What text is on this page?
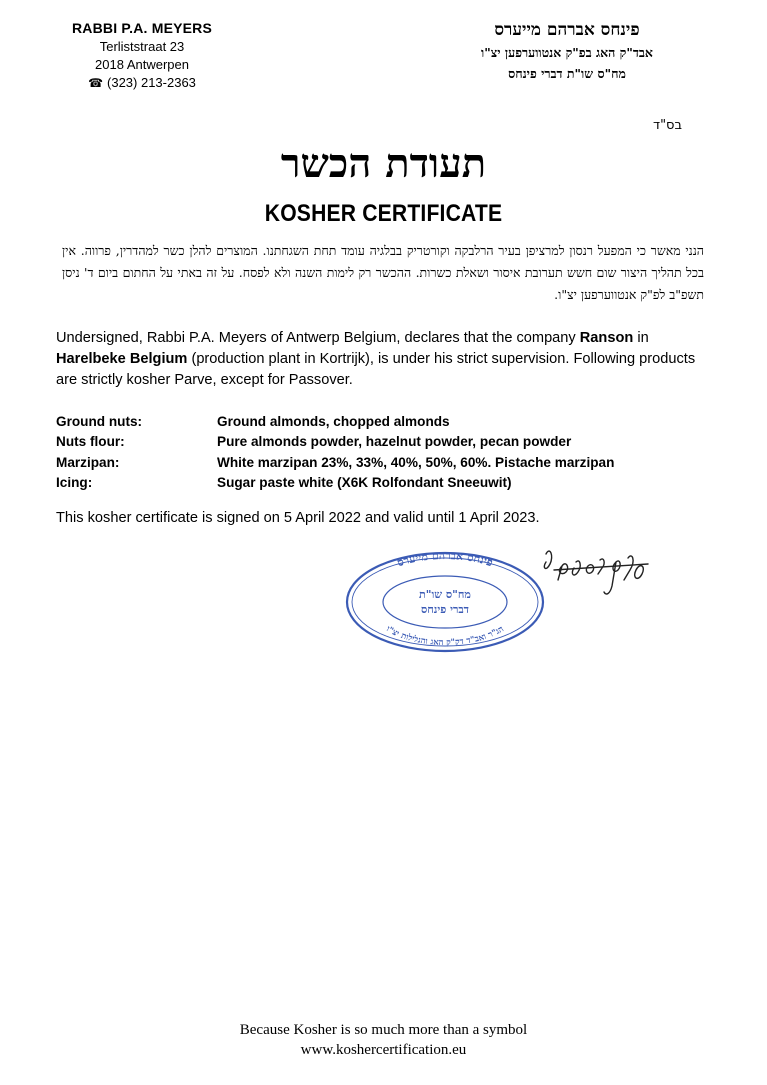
RABBI P.A. MEYERS
Terliststraat 23
2018 Antwerpen
☎ (323) 213-2363
פינחס אברהם מייערס
אבד"ק האג בפ"ק אנטווערפען יצ"ו
מח"ס שו"ת דברי פינחס
בס"ד
תעודת הכשר
KOSHER CERTIFICATE
הנני מאשר כי המפעל רנסון למרציפן בעיר הרלבקה וקורטריק בבלגיה עומד תחת השגחתנו. המוצרים להלן כשר למהדרין, פרווה. אין בכל תהליך היצור שום חשש תערובת איסור ושאלת כשרות. ההכשר רק לימות השנה ולא לפסח. על זה באתי על החתום ביום ד' ניסן תשפ"ב לפ"ק אנטווערפען יצ"ו.
Undersigned, Rabbi P.A. Meyers of Antwerp Belgium, declares that the company Ranson in Harelbeke Belgium (production plant in Kortrijk), is under his strict supervision. Following products are strictly kosher Parve, except for Passover.
Ground nuts:	Ground almonds, chopped almonds
Nuts flour:	Pure almonds powder, hazelnut powder, pecan powder
Marzipan:	White marzipan 23%, 33%, 40%, 50%, 60%. Pistache marzipan
Icing:	Sugar paste white (X6K Rolfondant Sneeuwit)
This kosher certificate is signed on 5 April 2022 and valid until 1 April 2023.
פינחס אברהם מייערס
מח"ס שו"ת
דברי פינחס
הג"ר ואב"ד דק"ק האג והגלילות יצ"ו
Because Kosher is so much more than a symbol
www.koshercertification.eu
